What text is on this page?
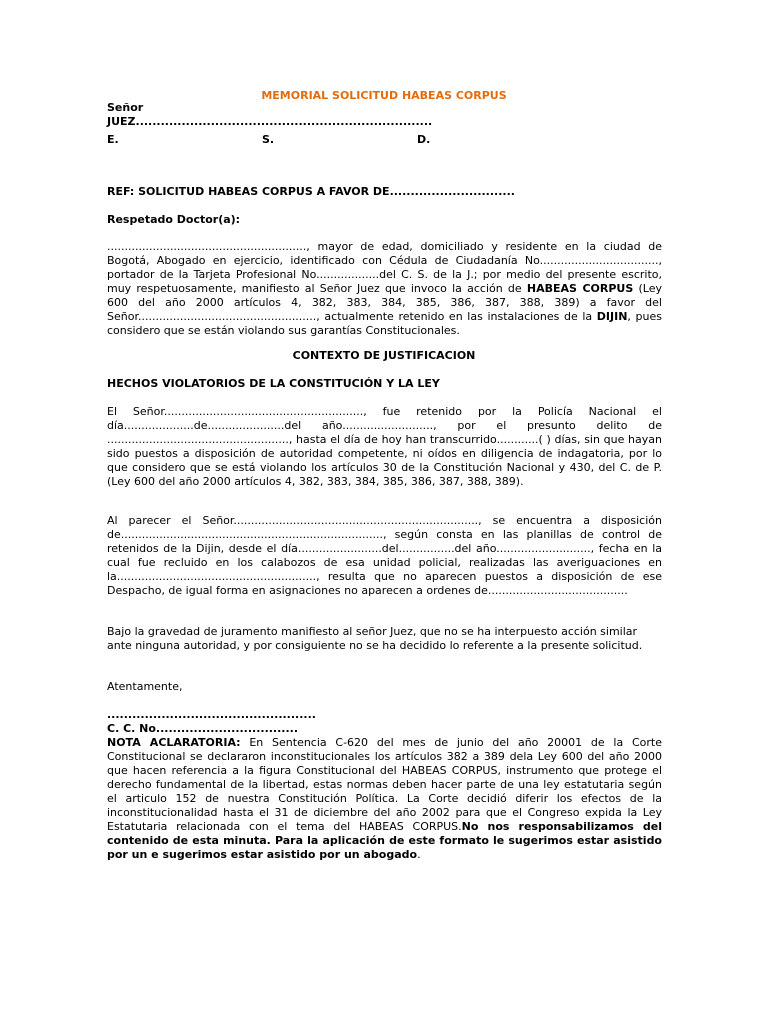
MEMORIAL SOLICITUD HABEAS CORPUS
Señor
JUEZ.......................................................................
E.	S.	D.
REF: SOLICITUD HABEAS CORPUS A FAVOR DE..............................
Respetado Doctor(a):

........................................................., mayor de edad, domiciliado y residente en la ciudad de Bogotá, Abogado en ejercicio, identificado con Cédula de Ciudadanía No.................................., portador de la Tarjeta Profesional No..................del C. S. de la J.; por medio del presente escrito, muy respetuosamente, manifiesto al Señor Juez que invoco la acción de HABEAS CORPUS (Ley 600 del año 2000 artículos 4, 382, 383, 384, 385, 386, 387, 388, 389) a favor del Señor..................................................., actualmente retenido en las instalaciones de la DIJIN, pues considero que se están violando sus garantías Constitucionales.

CONTEXTO DE JUSTIFICACION
HECHOS VIOLATORIOS DE LA CONSTITUCIÓN Y LA LEY

El Señor........................................................., fue retenido por la Policía Nacional el día....................de......................del año.........................., por el presunto delito de ...................................................., hasta el día de hoy han transcurrido............( ) días, sin que hayan sido puestos a disposición de autoridad competente, ni oídos en diligencia de indagatoria, por lo que considero que se está violando los artículos 30 de la Constitución Nacional y 430, del C. de P. (Ley 600 del año 2000 artículos 4, 382, 383, 384, 385, 386, 387, 388, 389).

Al parecer el Señor......................................................................, se encuentra a disposición de..........................................................................., según consta en las planillas de control de retenidos de la Dijin, desde el día........................del................del año..........................., fecha en la cual fue recluido en los calabozos de esa unidad policial, realizadas las averiguaciones en la........................................................., resulta que no aparecen puestos a disposición de ese Despacho, de igual forma en asignaciones no aparecen a ordenes de........................................

Bajo la gravedad de juramento manifiesto al señor Juez, que no se ha interpuesto acción similar ante ninguna autoridad, y por consiguiente no se ha decidido lo referente a la presente solicitud.

Atentamente,
..................................................
C. C. No..................................

NOTA ACLARATORIA: En Sentencia C-620 del mes de junio del año 20001 de la Corte Constitucional se declararon inconstitucionales los artículos 382 a 389 dela Ley 600 del año 2000 que hacen referencia a la figura Constitucional del HABEAS CORPUS, instrumento que protege el derecho fundamental de la libertad, estas normas deben hacer parte de una ley estatutaria según el articulo 152 de nuestra Constitución Política. La Corte decidió diferir los efectos de la inconstitucionalidad hasta el 31 de diciembre del año 2002 para que el Congreso expida la Ley Estatutaria relacionada con el tema del HABEAS CORPUS.No nos responsabilizamos del contenido de esta minuta. Para la aplicación de este formato le sugerimos estar asistido por un e sugerimos estar asistido por un abogado.
